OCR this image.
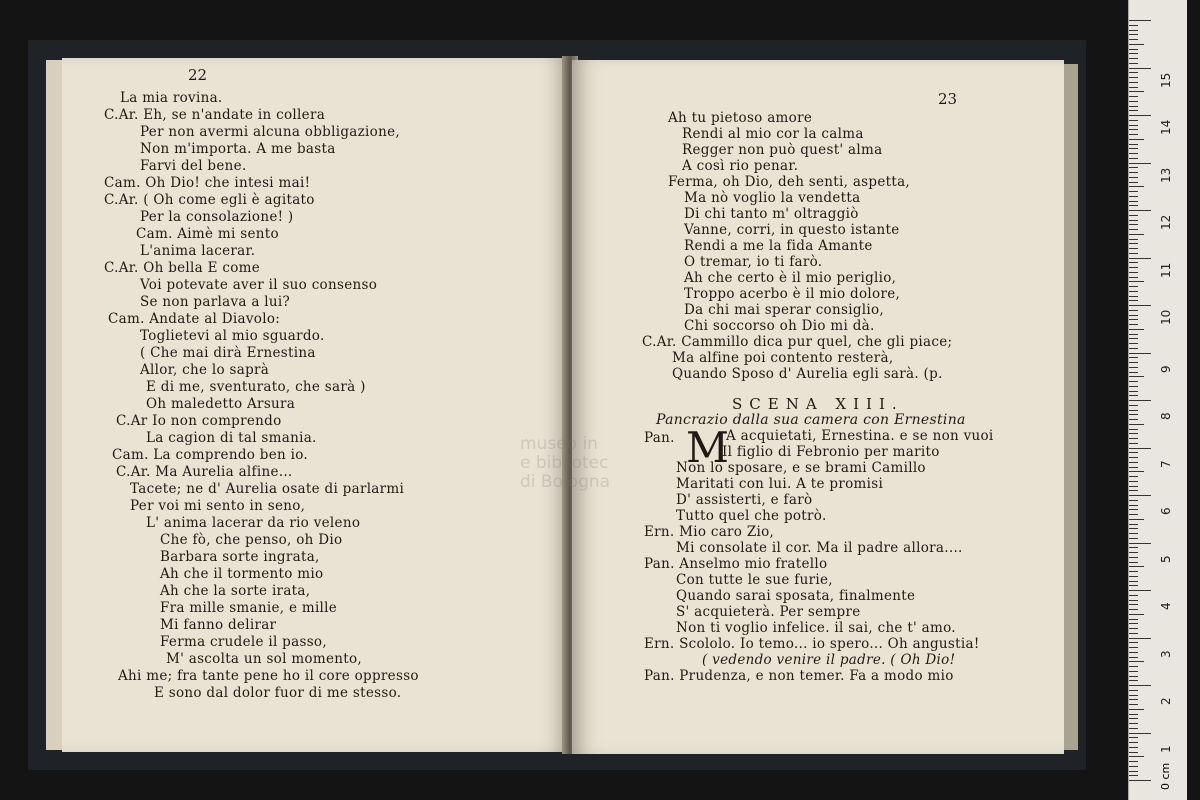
22
La mia rovina.
C.Ar. Eh, se n'andate in collera
Per non avermi alcuna obbligazione,
Non m'importa. A me basta
Farvi del bene.
Cam. Oh Dio! che intesi mai!
C.Ar. ( Oh come egli è agitato
Per la consolazione! )
Cam. Aimè mi sento
L'anima lacerar.
C.Ar. Oh bella E come
Voi potevate aver il suo consenso
Se non parlava a lui?
Cam. Andate al Diavolo:
Toglietevi al mio sguardo.
( Che mai dirà Ernestina
Allor, che lo saprà
E di me, sventurato, che sarà )
Oh maledetto Arsura
C.Ar Io non comprendo
La cagion di tal smania.
Cam. La comprendo ben io.
C.Ar. Ma Aurelia alfine...
Tacete; ne d' Aurelia osate di parlarmi
Per voi mi sento in seno,
L' anima lacerar da rio veleno
Che fò, che penso, oh Dio
Barbara sorte ingrata,
Ah che il tormento mio
Ah che la sorte irata,
Fra mille smanie, e mille
Mi fanno delirar
Ferma crudele il passo,
M' ascolta un sol momento,
Ahi me; fra tante pene ho il core oppresso
E sono dal dolor fuor di me stesso.
23
SCENA XIII.
Pancrazio dalla sua camera con Ernestina
M
Ah tu pietoso amore
Rendi al mio cor la calma
Regger non può quest' alma
A così rio penar.
Ferma, oh Dio, deh senti, aspetta,
Ma nò voglio la vendetta
Di chi tanto m' oltraggiò
Vanne, corri, in questo istante
Rendi a me la fida Amante
O tremar, io ti farò.
Ah che certo è il mio periglio,
Troppo acerbo è il mio dolore,
Da chi mai sperar consiglio,
Chi soccorso oh Dio mi dà.
C.Ar. Cammillo dica pur quel, che gli piace;
Ma alfine poi contento resterà,
Quando Sposo d' Aurelia egli sarà. (p.
Pan.	A acquietati, Ernestina. e se non vuoi
Il figlio di Febronio per marito
Non lo sposare, e se brami Camillo
Maritati con lui. A te promisi
D' assisterti, e farò
Tutto quel che potrò.
Ern. Mio caro Zio,
Mi consolate il cor. Ma il padre allora....
Pan. Anselmo mio fratello
Con tutte le sue furie,
Quando sarai sposata, finalmente
S' acquieterà. Per sempre
Non ti voglio infelice. il sai, che t' amo.
Ern. Scololo. Io temo... io spero... Oh angustia!
( vedendo venire il padre. ( Oh Dio!
Pan. Prudenza, e non temer. Fa a modo mio
museo in
e bibliotec
di Bologna
0 cm
1
2
3
4
5
6
7
8
9
10
11
12
13
14
15
